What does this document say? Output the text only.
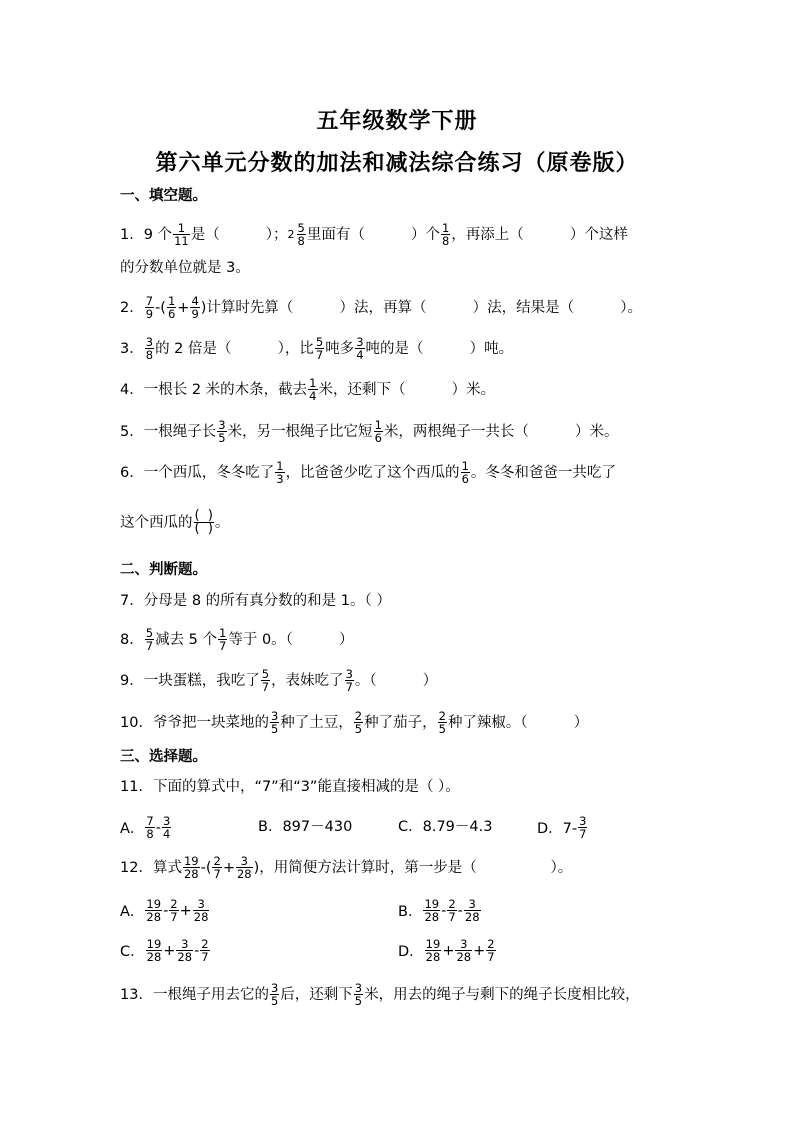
五年级数学下册
第六单元分数的加法和减法综合练习（原卷版）
一、填空题。
1．9 个 $\frac{1}{11}$ 是（          ）； $2 \frac{5}{8}$ 里面有（          ）个 $\frac{1}{8}$ ，再添上（          ）个这样
的分数单位就是 3。
2． $\frac{7}{9}$ -( $\frac{1}{6} + \frac{4}{9}$ )计算时先算（          ）法，再算（          ）法，结果是（          ）。
3． $\frac{3}{8}$ 的 2 倍是（          ），比 $\frac{5}{7}$ 吨多 $\frac{3}{4}$ 吨的是（          ）吨。
4．一根长 2 米的木条，截去 $\frac{1}{4}$ 米，还剩下（          ）米。
5．一根绳子长 $\frac{3}{5}$ 米，另一根绳子比它短 $\frac{1}{6}$ 米，两根绳子一共长（          ）米。
6．一个西瓜，冬冬吃了 $\frac{1}{3}$ ，比爸爸少吃了这个西瓜的 $\frac{1}{6}$ 。冬冬和爸爸一共吃了
这个西瓜的 $\frac{( )}{( )}$ 。
二、判断题。
7．分母是 8 的所有真分数的和是 1。（ ）
8． $\frac{5}{7}$ 减去 5 个 $\frac{1}{7}$ 等于 0。（          ）
9．一块蛋糕，我吃了 $\frac{5}{7}$ ，表妹吃了 $\frac{3}{7}$ 。（          ）
10．爷爷把一块菜地的 $\frac{3}{5}$ 种了土豆， $\frac{2}{5}$ 种了茄子， $\frac{2}{5}$ 种了辣椒。（          ）
三、选择题。
11．下面的算式中，“7”和“3”能直接相减的是（ ）。
A． $\frac{7}{8} - \frac{3}{4}$	B．897－430	C．8.79－4.3	D．$7- \frac{3}{7}$
12．算式 $\frac{19}{28}$ -( $\frac{2}{7} + \frac{3}{28}$ )，用简便方法计算时，第一步是（                ）。
A． $\frac{19}{28} - \frac{2}{7} + \frac{3}{28}$	B． $\frac{19}{28} - \frac{2}{7} - \frac{3}{28}$
C． $\frac{19}{28} + \frac{3}{28} - \frac{2}{7}$	D． $\frac{19}{28} + \frac{3}{28} + \frac{2}{7}$
13．一根绳子用去它的 $\frac{3}{5}$ 后，还剩下 $\frac{3}{5}$ 米，用去的绳子与剩下的绳子长度相比较，
